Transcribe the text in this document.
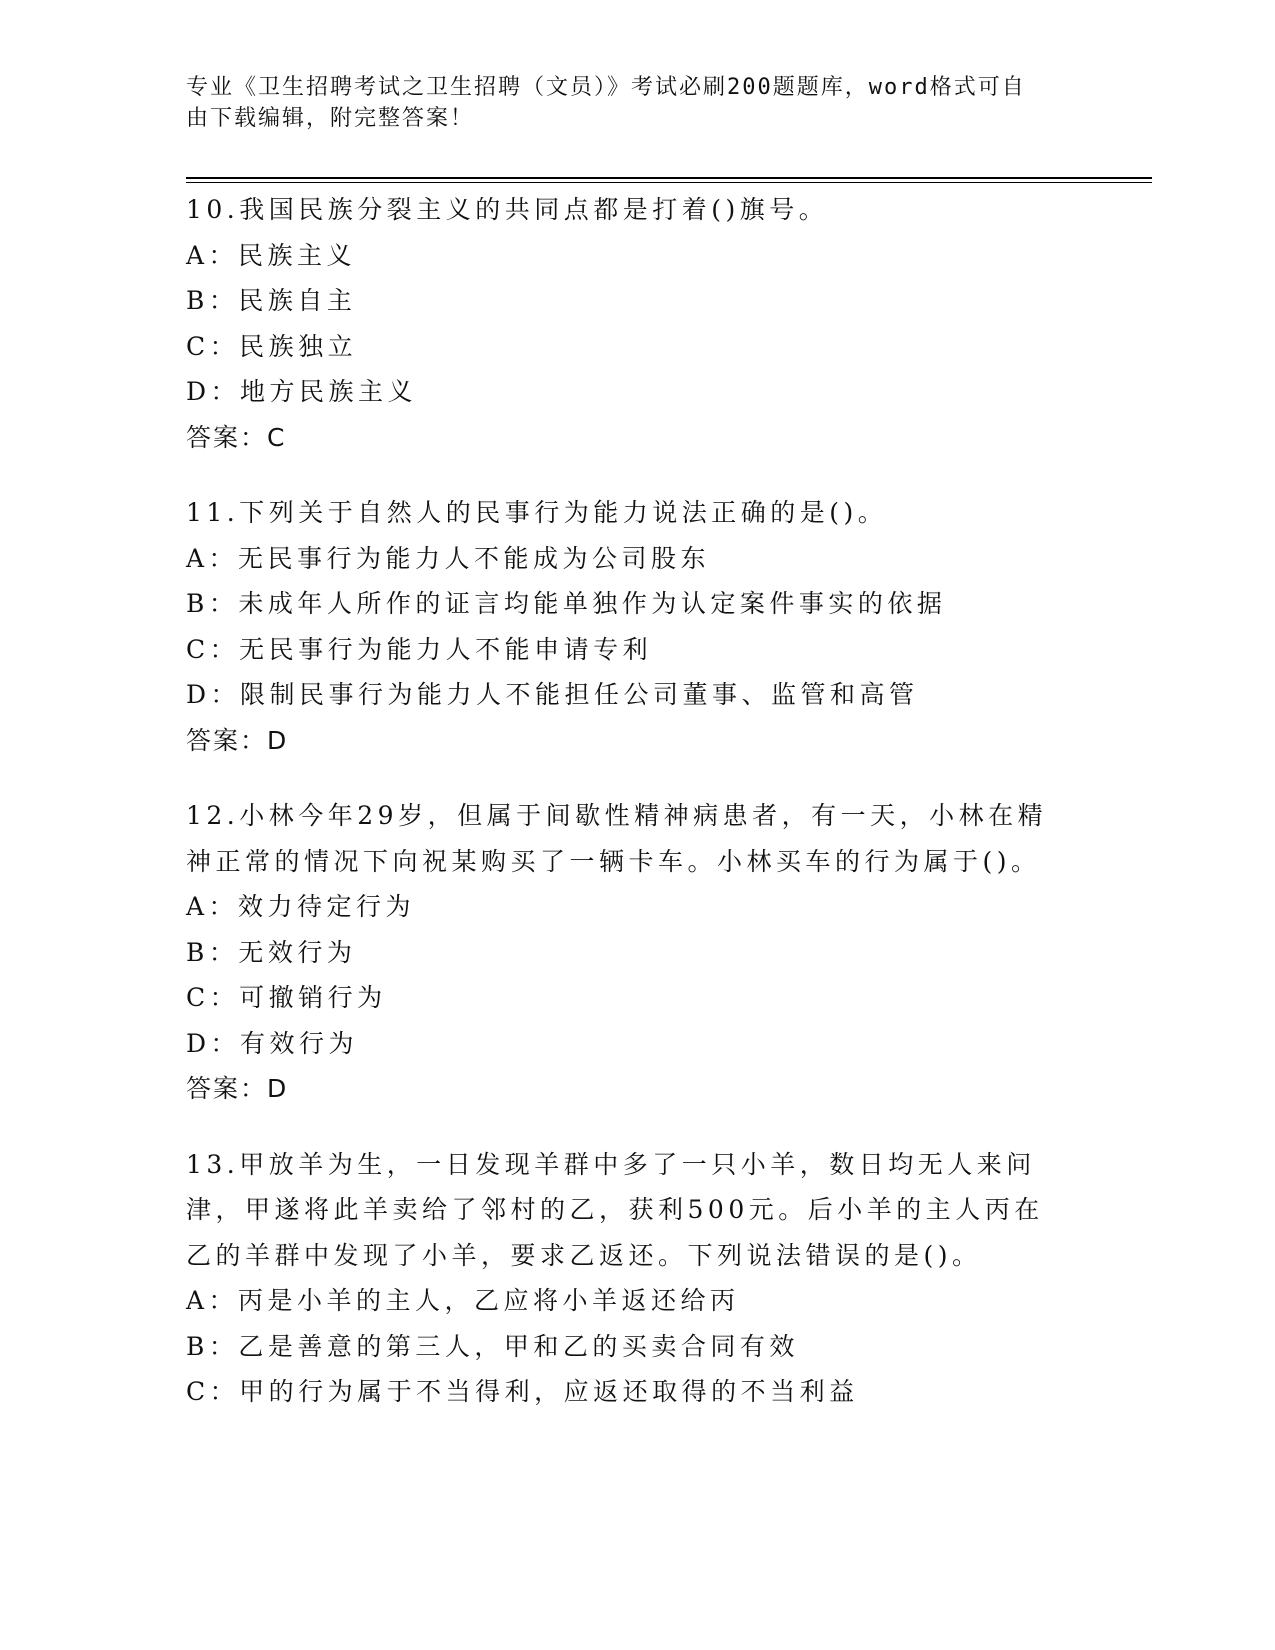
专业《卫生招聘考试之卫生招聘（文员）》考试必刷200题题库，word格式可自
由下载编辑，附完整答案！
10.我国民族分裂主义的共同点都是打着()旗号。
A：民族主义
B：民族自主
C：民族独立
D：地方民族主义
答案：C
11.下列关于自然人的民事行为能力说法正确的是()。
A：无民事行为能力人不能成为公司股东
B：未成年人所作的证言均能单独作为认定案件事实的依据
C：无民事行为能力人不能申请专利
D：限制民事行为能力人不能担任公司董事、监管和高管
答案：D
12.小林今年29岁，但属于间歇性精神病患者，有一天，小林在精神正常的情况下向祝某购买了一辆卡车。小林买车的行为属于()。
A：效力待定行为
B：无效行为
C：可撤销行为
D：有效行为
答案：D
13.甲放羊为生，一日发现羊群中多了一只小羊，数日均无人来问津，甲遂将此羊卖给了邻村的乙，获利500元。后小羊的主人丙在乙的羊群中发现了小羊，要求乙返还。下列说法错误的是()。
A：丙是小羊的主人，乙应将小羊返还给丙
B：乙是善意的第三人，甲和乙的买卖合同有效
C：甲的行为属于不当得利，应返还取得的不当利益
